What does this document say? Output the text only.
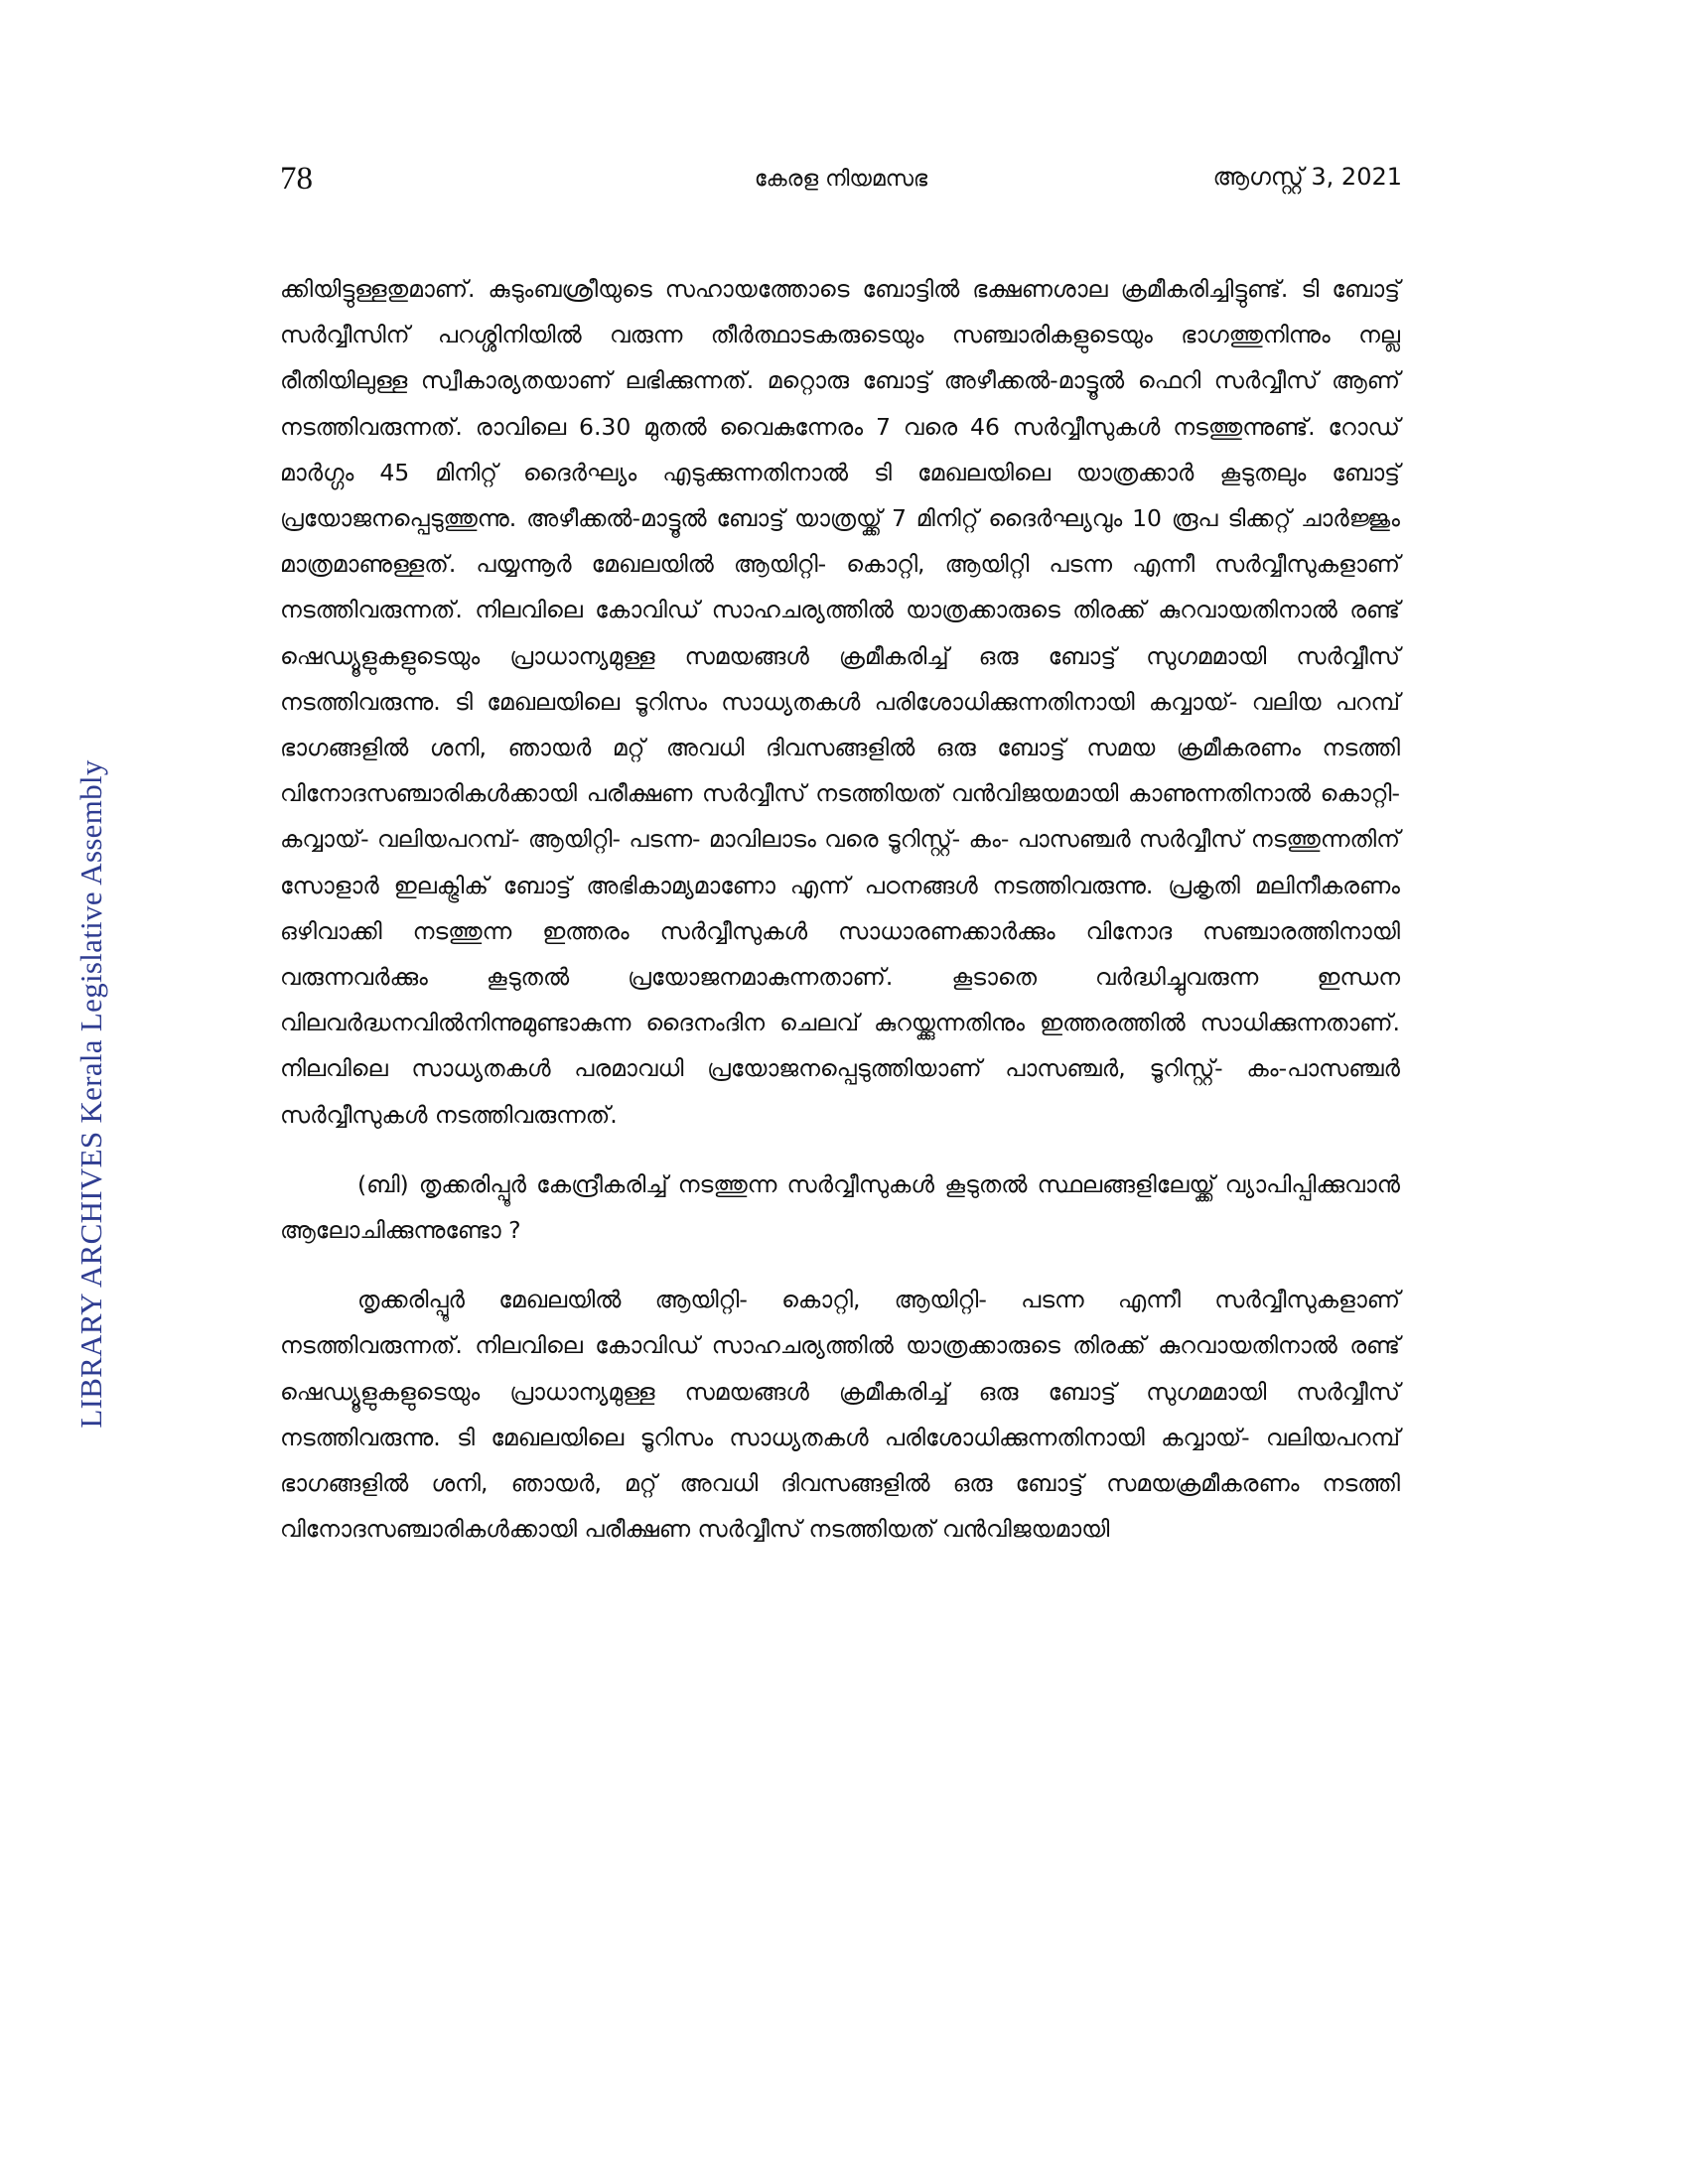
78	കേരള നിയമസഭ	ആഗസ്റ്റ് 3, 2021
LIBRARY ARCHIVES Kerala Legislative Assembly

ക്കിയിട്ടുള്ളതുമാണ്. കുടുംബശ്രീയുടെ സഹായത്തോടെ ബോട്ടിൽ ഭക്ഷണശാല ക്രമീകരിച്ചിട്ടുണ്ട്. ടി ബോട്ട് സർവ്വീസിന് പറശ്ശിനിയിൽ വരുന്ന തീർത്ഥാടകരുടെയും സഞ്ചാരികളുടെയും ഭാഗത്തുനിന്നും നല്ല രീതിയിലുള്ള സ്വീകാര്യതയാണ് ലഭിക്കുന്നത്. മറ്റൊരു ബോട്ട് അഴീക്കൽ-മാട്ടൂൽ ഫെറി സർവ്വീസ് ആണ് നടത്തിവരുന്നത്. രാവിലെ 6.30 മുതൽ വൈകുന്നേരം 7 വരെ 46 സർവ്വീസുകൾ നടത്തുന്നുണ്ട്. റോഡ് മാർഗ്ഗം 45 മിനിറ്റ് ദൈർഘ്യം എടുക്കുന്നതിനാൽ ടി മേഖലയിലെ യാത്രക്കാർ കൂടുതലും ബോട്ട് പ്രയോജനപ്പെടുത്തുന്നു. അഴീക്കൽ-മാട്ടൂൽ ബോട്ട് യാത്രയ്ക്ക് 7 മിനിറ്റ് ദൈർഘ്യവും 10 രൂപ ടിക്കറ്റ് ചാർജ്ജും മാത്രമാണുള്ളത്. പയ്യന്നൂർ മേഖലയിൽ ആയിറ്റി- കൊറ്റി, ആയിറ്റി പടന്ന എന്നീ സർവ്വീസുകളാണ് നടത്തിവരുന്നത്. നിലവിലെ കോവിഡ് സാഹചര്യത്തിൽ യാത്രക്കാരുടെ തിരക്ക് കുറവായതിനാൽ രണ്ട് ഷെഡ്യൂളുകളുടെയും പ്രാധാന്യമുള്ള സമയങ്ങൾ ക്രമീകരിച്ച് ഒരു ബോട്ട് സുഗമമായി സർവ്വീസ് നടത്തിവരുന്നു. ടി മേഖലയിലെ ടൂറിസം സാധ്യതകൾ പരിശോധിക്കുന്നതിനായി കവ്വായ്- വലിയ പറമ്പ് ഭാഗങ്ങളിൽ ശനി, ഞായർ മറ്റ് അവധി ദിവസങ്ങളിൽ ഒരു ബോട്ട് സമയ ക്രമീകരണം നടത്തി വിനോദസഞ്ചാരികൾക്കായി പരീക്ഷണ സർവ്വീസ് നടത്തിയത് വൻവിജയമായി കാണുന്നതിനാൽ കൊറ്റി- കവ്വായ്- വലിയപറമ്പ്- ആയിറ്റി- പടന്ന- മാവിലാടം വരെ ടൂറിസ്റ്റ്- കം- പാസഞ്ചർ സർവ്വീസ് നടത്തുന്നതിന് സോളാർ ഇലക്ട്രിക് ബോട്ട് അഭികാമ്യമാണോ എന്ന് പഠനങ്ങൾ നടത്തിവരുന്നു. പ്രകൃതി മലിനീകരണം ഒഴിവാക്കി നടത്തുന്ന ഇത്തരം സർവ്വീസുകൾ സാധാരണക്കാർക്കും വിനോദ സഞ്ചാരത്തിനായി വരുന്നവർക്കും കൂടുതൽ പ്രയോജനമാകുന്നതാണ്. കൂടാതെ വർദ്ധിച്ചുവരുന്ന ഇന്ധന വിലവർദ്ധനവിൽനിന്നുമുണ്ടാകുന്ന ദൈനംദിന ചെലവ് കുറയ്ക്കുന്നതിനും ഇത്തരത്തിൽ സാധിക്കുന്നതാണ്. നിലവിലെ സാധ്യതകൾ പരമാവധി പ്രയോജനപ്പെടുത്തിയാണ് പാസഞ്ചർ, ടൂറിസ്റ്റ്- കം-പാസഞ്ചർ സർവ്വീസുകൾ നടത്തിവരുന്നത്.

(ബി) തൃക്കരിപ്പൂർ കേന്ദ്രീകരിച്ച് നടത്തുന്ന സർവ്വീസുകൾ കൂടുതൽ സ്ഥലങ്ങളിലേയ്ക്ക് വ്യാപിപ്പിക്കുവാൻ ആലോചിക്കുന്നുണ്ടോ ?

തൃക്കരിപ്പൂർ മേഖലയിൽ ആയിറ്റി- കൊറ്റി, ആയിറ്റി- പടന്ന എന്നീ സർവ്വീസുകളാണ് നടത്തിവരുന്നത്. നിലവിലെ കോവിഡ് സാഹചര്യത്തിൽ യാത്രക്കാരുടെ തിരക്ക് കുറവായതിനാൽ രണ്ട് ഷെഡ്യൂളുകളുടെയും പ്രാധാന്യമുള്ള സമയങ്ങൾ ക്രമീകരിച്ച് ഒരു ബോട്ട് സുഗമമായി സർവ്വീസ് നടത്തിവരുന്നു. ടി മേഖലയിലെ ടൂറിസം സാധ്യതകൾ പരിശോധിക്കുന്നതിനായി കവ്വായ്- വലിയപറമ്പ് ഭാഗങ്ങളിൽ ശനി, ഞായർ, മറ്റ് അവധി ദിവസങ്ങളിൽ ഒരു ബോട്ട് സമയക്രമീകരണം നടത്തി വിനോദസഞ്ചാരികൾക്കായി പരീക്ഷണ സർവ്വീസ് നടത്തിയത് വൻവിജയമായി
